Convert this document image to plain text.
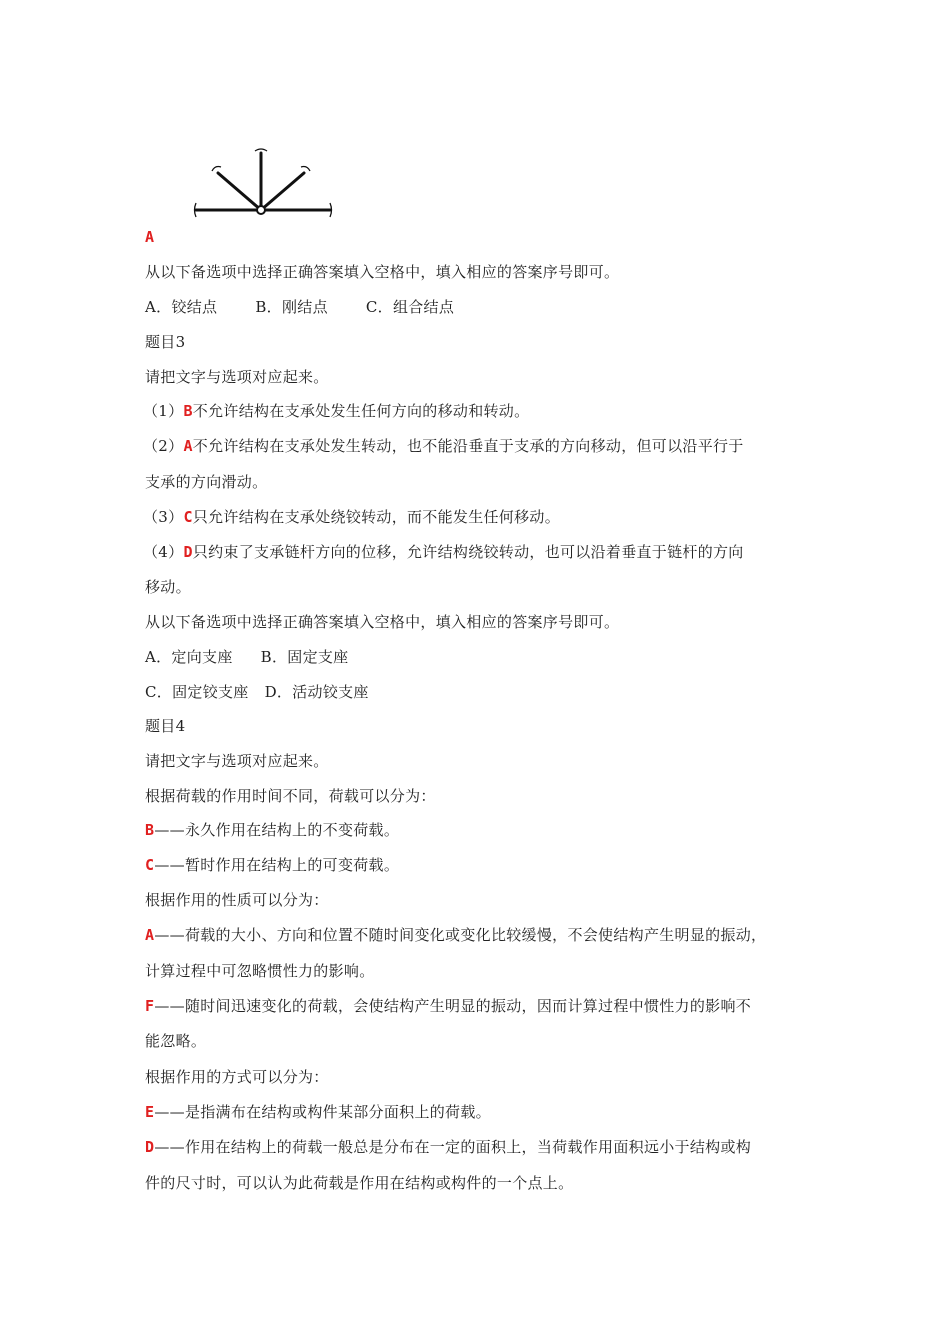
A
从以下备选项中选择正确答案填入空格中，填入相应的答案序号即可。
A．铰结点	B．刚结点	C．组合结点
题目3
请把文字与选项对应起来。
（1）B不允许结构在支承处发生任何方向的移动和转动。
（2）A不允许结构在支承处发生转动，也不能沿垂直于支承的方向移动，但可以沿平行于
支承的方向滑动。
（3）C只允许结构在支承处绕铰转动，而不能发生任何移动。
（4）D只约束了支承链杆方向的位移，允许结构绕铰转动，也可以沿着垂直于链杆的方向
移动。
从以下备选项中选择正确答案填入空格中，填入相应的答案序号即可。
A．定向支座 B．固定支座
C．固定铰支座 D．活动铰支座
题目4
请把文字与选项对应起来。
根据荷载的作用时间不同，荷载可以分为：
B——永久作用在结构上的不变荷载。
C——暂时作用在结构上的可变荷载。
根据作用的性质可以分为：
A——荷载的大小、方向和位置不随时间变化或变化比较缓慢，不会使结构产生明显的振动，
计算过程中可忽略惯性力的影响。
F——随时间迅速变化的荷载，会使结构产生明显的振动，因而计算过程中惯性力的影响不
能忽略。
根据作用的方式可以分为：
E——是指满布在结构或构件某部分面积上的荷载。
D——作用在结构上的荷载一般总是分布在一定的面积上，当荷载作用面积远小于结构或构
件的尺寸时，可以认为此荷载是作用在结构或构件的一个点上。
